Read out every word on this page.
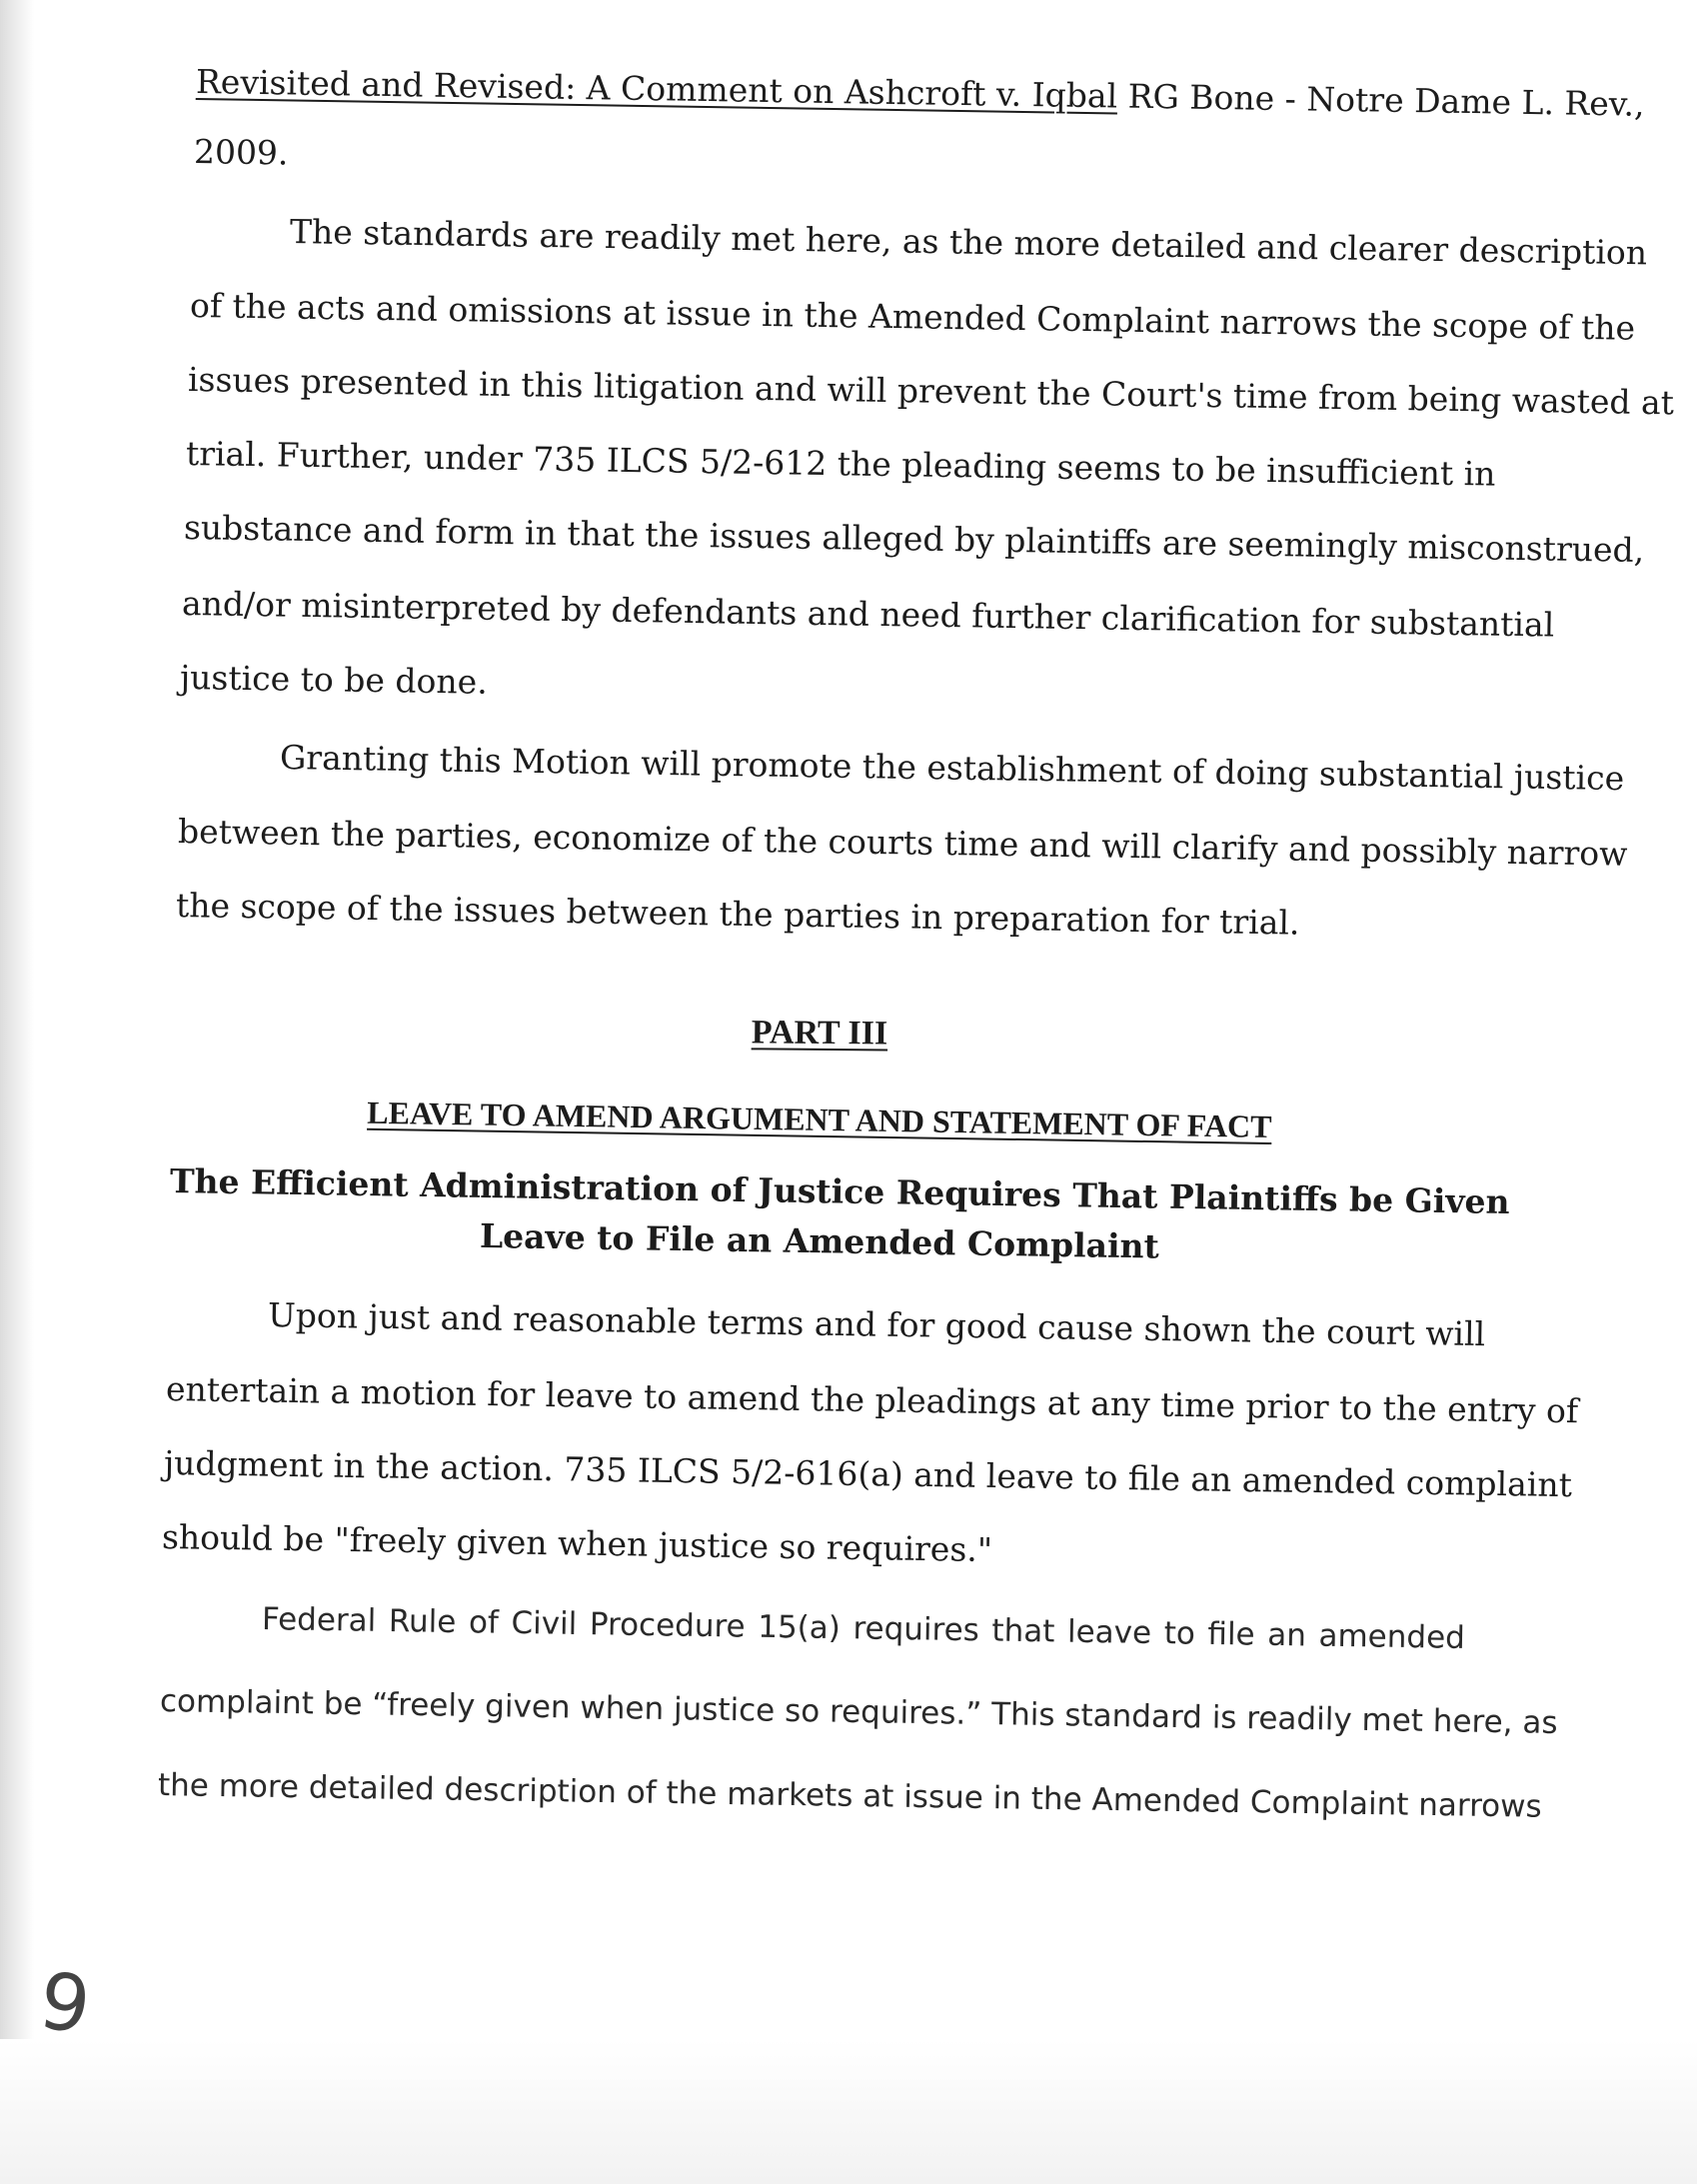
Revisited and Revised: A Comment on Ashcroft v. Iqbal RG Bone - Notre Dame L. Rev.,
2009.
The standards are readily met here, as the more detailed and clearer description
of the acts and omissions at issue in the Amended Complaint narrows the scope of the
issues presented in this litigation and will prevent the Court's time from being wasted at
trial. Further, under 735 ILCS 5/2-612 the pleading seems to be insufficient in
substance and form in that the issues alleged by plaintiffs are seemingly misconstrued,
and/or misinterpreted by defendants and need further clarification for substantial
justice to be done.
Granting this Motion will promote the establishment of doing substantial justice
between the parties, economize of the courts time and will clarify and possibly narrow
the scope of the issues between the parties in preparation for trial.
PART III
LEAVE TO AMEND ARGUMENT AND STATEMENT OF FACT
The Efficient Administration of Justice Requires That Plaintiffs be Given
Leave to File an Amended Complaint
Upon just and reasonable terms and for good cause shown the court will
entertain a motion for leave to amend the pleadings at any time prior to the entry of
judgment in the action. 735 ILCS 5/2-616(a) and leave to file an amended complaint
should be "freely given when justice so requires."
Federal Rule of Civil Procedure 15(a) requires that leave to file an amended
complaint be “freely given when justice so requires.” This standard is readily met here, as
the more detailed description of the markets at issue in the Amended Complaint narrows
9
